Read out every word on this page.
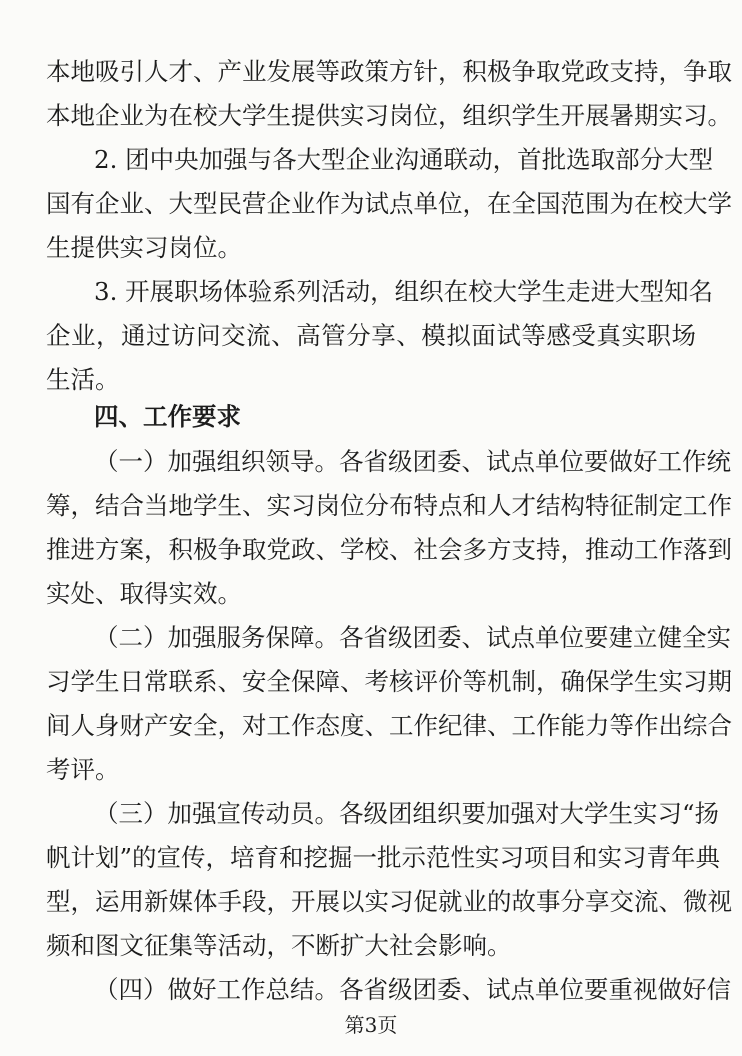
本地吸引人才、产业发展等政策方针，积极争取党政支持，争取
本地企业为在校大学生提供实习岗位，组织学生开展暑期实习。
2. 团中央加强与各大型企业沟通联动，首批选取部分大型
国有企业、大型民营企业作为试点单位，在全国范围为在校大学
生提供实习岗位。
3. 开展职场体验系列活动，组织在校大学生走进大型知名
企业，通过访问交流、高管分享、模拟面试等感受真实职场
生活。
四、工作要求
（一）加强组织领导。各省级团委、试点单位要做好工作统
筹，结合当地学生、实习岗位分布特点和人才结构特征制定工作
推进方案，积极争取党政、学校、社会多方支持，推动工作落到
实处、取得实效。
（二）加强服务保障。各省级团委、试点单位要建立健全实
习学生日常联系、安全保障、考核评价等机制，确保学生实习期
间人身财产安全，对工作态度、工作纪律、工作能力等作出综合
考评。
（三）加强宣传动员。各级团组织要加强对大学生实习“扬
帆计划”的宣传，培育和挖掘一批示范性实习项目和实习青年典
型，运用新媒体手段，开展以实习促就业的故事分享交流、微视
频和图文征集等活动，不断扩大社会影响。
（四）做好工作总结。各省级团委、试点单位要重视做好信
第3页
